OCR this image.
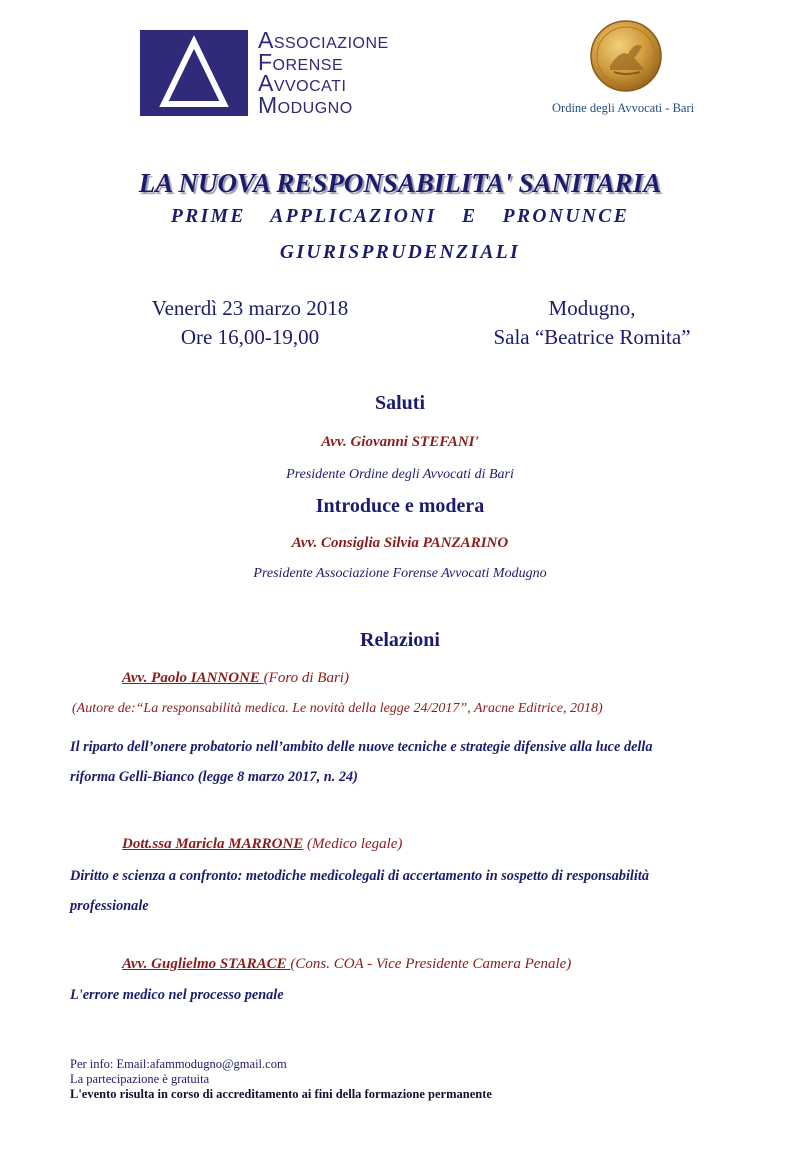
Associazione
Forense
Avvocati
Modugno	Ordine degli Avvocati - Bari
LA NUOVA RESPONSABILITA' SANITARIA
PRIME APPLICAZIONI E PRONUNCE
GIURISPRUDENZIALI
Venerdì 23 marzo 2018
Ore 16,00-19,00
Modugno,
Sala “Beatrice Romita”
Saluti
Avv. Giovanni STEFANI'
Presidente Ordine degli Avvocati di Bari
Introduce e modera
Avv. Consiglia Silvia PANZARINO
Presidente Associazione Forense Avvocati Modugno
Relazioni
Avv. Paolo IANNONE (Foro di Bari)
(Autore de:“La responsabilità medica. Le novità della legge 24/2017”, Aracne Editrice, 2018)
Il riparto dell’onere probatorio nell’ambito delle nuove tecniche e strategie difensive alla luce della
riforma Gelli-Bianco (legge 8 marzo 2017, n. 24)
Dott.ssa Maricla MARRONE (Medico legale)
Diritto e scienza a confronto: metodiche medicolegali di accertamento in sospetto di responsabilità
professionale
Avv. Guglielmo STARACE (Cons. COA - Vice Presidente Camera Penale)
L'errore medico nel processo penale
Per info: Email:afammodugno@gmail.com
La partecipazione è gratuita
L'evento risulta in corso di accreditamento ai fini della formazione permanente
